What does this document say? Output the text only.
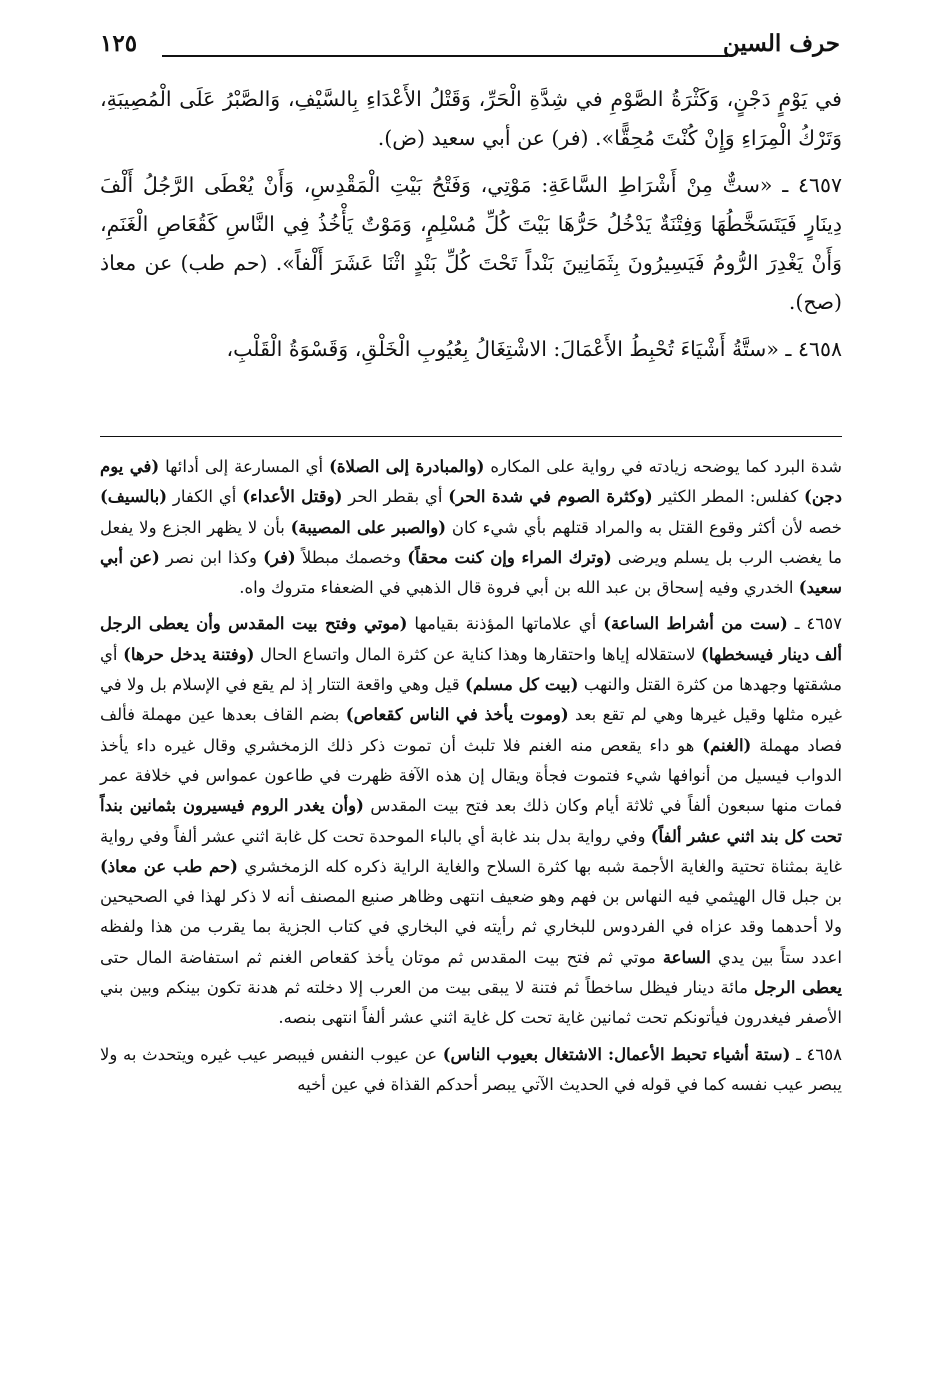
حرف السين
١٢٥

في يَوْمٍ دَجْنٍ، وَكَثْرَةُ الصَّوْمِ في شِدَّةِ الْحَرِّ، وَقَتْلُ الأَعْدَاءِ بِالسَّيْفِ، وَالصَّبْرُ عَلَى الْمُصِيبَةِ، وَتَرْكُ الْمِرَاءِ وَإِنْ كُنْتَ مُحِقًّا». (فر) عن أبي سعيد (ض).

٤٦٥٧ ـ «ستٌّ مِنْ أَشْرَاطِ السَّاعَةِ: مَوْتِي، وَفَتْحُ بَيْتِ الْمَقْدِسِ، وَأَنْ يُعْطَى الرَّجُلُ أَلْفَ دِينَارٍ فَيَتَسَخَّطُهَا وَفِتْنَةٌ يَدْخُلُ حَرُّهَا بَيْتَ كُلِّ مُسْلِمٍ، وَمَوْتٌ يَأْخُذُ فِي النَّاسِ كَقُعَاصِ الْغَنَمِ، وَأَنْ يَغْدِرَ الرُّومُ فَيَسِيرُونَ بِثَمَانِينَ بَنْداً تَحْتَ كُلِّ بَنْدٍ اثْنَا عَشَرَ أَلْفاً». (حم طب) عن معاذ (صح).

٤٦٥٨ ـ «ستَّةُ أَشْيَاءَ تُحْبِطُ الأَعْمَالَ: الاشْتِغَالُ بِعُيُوبِ الْخَلْقِ، وَقَسْوَةُ الْقَلْبِ،

شدة البرد كما يوضحه زيادته في رواية على المكاره (والمبادرة إلى الصلاة) أي المسارعة إلى أدائها (في يوم دجن) كفلس: المطر الكثير (وكثرة الصوم في شدة الحر) أي بقطر الحر (وقتل الأعداء) أي الكفار (بالسيف) خصه لأن أكثر وقوع القتل به والمراد قتلهم بأي شيء كان (والصبر على المصيبة) بأن لا يظهر الجزع ولا يفعل ما يغضب الرب بل يسلم ويرضى (وترك المراء وإن كنت محقاً) وخصمك مبطلاً (فر) وكذا ابن نصر (عن أبي سعيد) الخدري وفيه إسحاق بن عبد الله بن أبي فروة قال الذهبي في الضعفاء متروك واه.

٤٦٥٧ ـ (ست من أشراط الساعة) أي علاماتها المؤذنة بقيامها (موتي وفتح بيت المقدس وأن يعطى الرجل ألف دينار فيسخطها) لاستقلاله إياها واحتقارها وهذا كناية عن كثرة المال واتساع الحال (وفتنة يدخل حرها) أي مشقتها وجهدها من كثرة القتل والنهب (بيت كل مسلم) قيل وهي واقعة التتار إذ لم يقع في الإسلام بل ولا في غيره مثلها وقيل غيرها وهي لم تقع بعد (وموت يأخذ في الناس كقعاص) بضم القاف بعدها عين مهملة فألف فصاد مهملة (الغنم) هو داء يقعص منه الغنم فلا تلبث أن تموت ذكر ذلك الزمخشري وقال غيره داء يأخذ الدواب فيسيل من أنوافها شيء فتموت فجأة ويقال إن هذه الآفة ظهرت في طاعون عمواس في خلافة عمر فمات منها سبعون ألفاً في ثلاثة أيام وكان ذلك بعد فتح بيت المقدس (وأن يغدر الروم فيسيرون بثمانين بنداً تحت كل بند اثني عشر ألفاً) وفي رواية بدل بند غابة أي بالباء الموحدة تحت كل غابة اثني عشر ألفاً وفي رواية غاية بمثناة تحتية والغاية الأجمة شبه بها كثرة السلاح والغاية الراية ذكره كله الزمخشري (حم طب عن معاذ) بن جبل قال الهيثمي فيه النهاس بن فهم وهو ضعيف انتهى وظاهر صنيع المصنف أنه لا ذكر لهذا في الصحيحين ولا أحدهما وقد عزاه في الفردوس للبخاري ثم رأيته في البخاري في كتاب الجزية بما يقرب من هذا ولفظه اعدد ستاً بين يدي الساعة موتي ثم فتح بيت المقدس ثم موتان يأخذ كقعاص الغنم ثم استفاضة المال حتى يعطى الرجل مائة دينار فيظل ساخطاً ثم فتنة لا يبقى بيت من العرب إلا دخلته ثم هدنة تكون بينكم وبين بني الأصفر فيغدرون فيأتونكم تحت ثمانين غاية تحت كل غاية اثني عشر ألفاً انتهى بنصه.

٤٦٥٨ ـ (ستة أشياء تحبط الأعمال: الاشتغال بعيوب الناس) عن عيوب النفس فيبصر عيب غيره ويتحدث به ولا يبصر عيب نفسه كما في قوله في الحديث الآتي يبصر أحدكم القذاة في عين أخيه
